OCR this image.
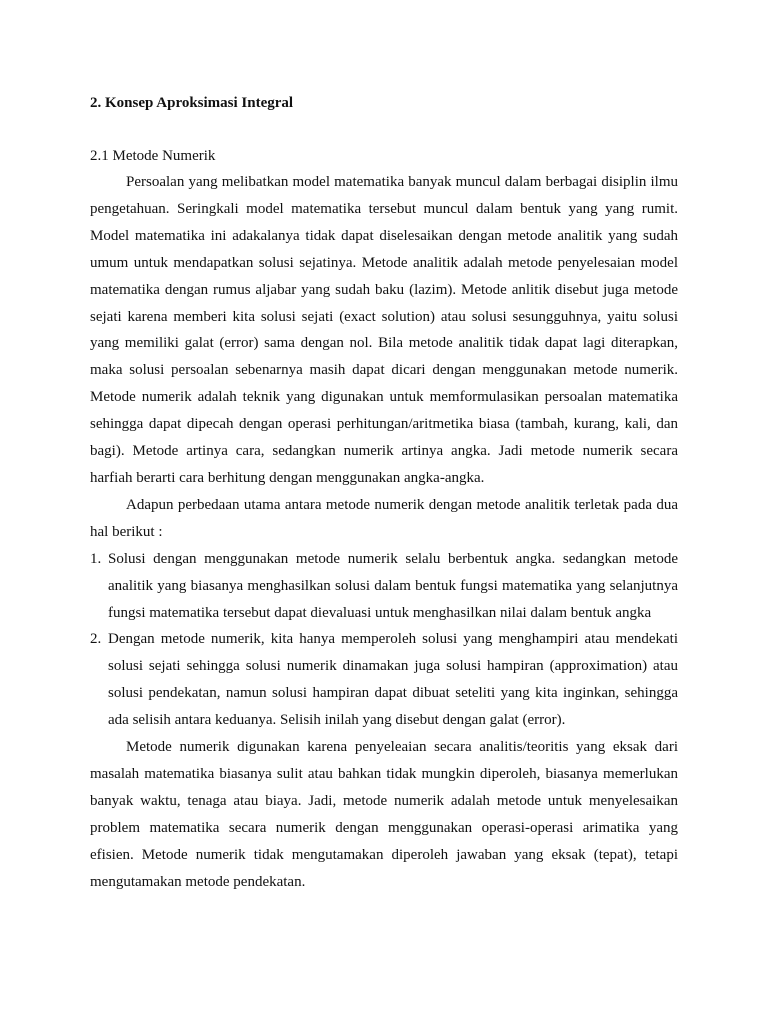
2. Konsep Aproksimasi Integral

2.1 Metode Numerik

Persoalan yang melibatkan model matematika banyak muncul dalam berbagai disiplin ilmu pengetahuan. Seringkali model matematika tersebut muncul dalam bentuk yang yang rumit. Model matematika ini adakalanya tidak dapat diselesaikan dengan metode analitik yang sudah umum untuk mendapatkan solusi sejatinya. Metode analitik adalah metode penyelesaian model matematika dengan rumus aljabar yang sudah baku (lazim). Metode anlitik disebut juga metode sejati karena memberi kita solusi sejati (exact solution) atau solusi sesungguhnya, yaitu solusi yang memiliki galat (error) sama dengan nol. Bila metode analitik tidak dapat lagi diterapkan, maka solusi persoalan sebenarnya masih dapat dicari dengan menggunakan metode numerik. Metode numerik adalah teknik yang digunakan untuk memformulasikan persoalan matematika sehingga dapat dipecah dengan operasi perhitungan/aritmetika biasa (tambah, kurang, kali, dan bagi). Metode artinya cara, sedangkan numerik artinya angka. Jadi metode numerik secara harfiah berarti cara berhitung dengan menggunakan angka-angka.

Adapun perbedaan utama antara metode numerik dengan metode analitik terletak pada dua hal berikut :

1. Solusi dengan menggunakan metode numerik selalu berbentuk angka. sedangkan metode analitik yang biasanya menghasilkan solusi dalam bentuk fungsi matematika yang selanjutnya fungsi matematika tersebut dapat dievaluasi untuk menghasilkan nilai dalam bentuk angka
2. Dengan metode numerik, kita hanya memperoleh solusi yang menghampiri atau mendekati solusi sejati sehingga solusi numerik dinamakan juga solusi hampiran (approximation) atau solusi pendekatan, namun solusi hampiran dapat dibuat seteliti yang kita inginkan, sehingga ada selisih antara keduanya. Selisih inilah yang disebut dengan galat (error).

Metode numerik digunakan karena penyeleaian secara analitis/teoritis yang eksak dari masalah matematika biasanya sulit atau bahkan tidak mungkin diperoleh, biasanya memerlukan banyak waktu, tenaga atau biaya. Jadi, metode numerik adalah metode untuk menyelesaikan problem matematika secara numerik dengan menggunakan operasi-operasi arimatika yang efisien. Metode numerik tidak mengutamakan diperoleh jawaban yang eksak (tepat), tetapi mengutamakan metode pendekatan.
